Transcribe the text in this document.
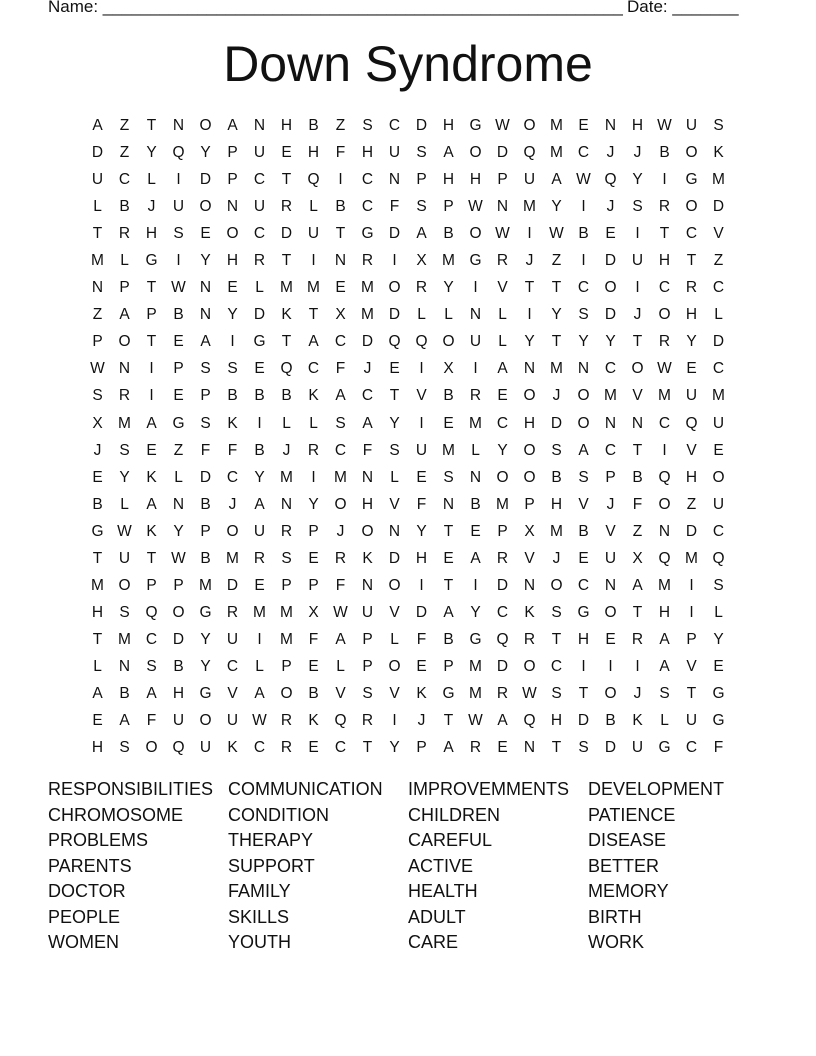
Name: _______________________________________________________ Date: _______
Down Syndrome
A	Z	T	N O	A	N	H	B	Z	S	C	D	H G W O M E	N	H W U	S
D	Z	Y	Q	Y	P	U	E	H	F	H	U	S	A	O D Q M C	J	J	B	O	K
U	C	L	I	D	P	C	T	Q	I	C	N	P	H	H	P	U	A W Q	Y	I	G M
L	B	J	U O N	U	R	L	B	C	F	S	P W N M Y	I	J	S	R O D
T	R	H	S	E	O C	D	U	T	G D	A	B	O W	I	W B	E	I	T	C	V
M	L	G	I	Y	H	R	T	I	N	R	I	X M G R	J	Z	I	D	U	H	T	Z
N	P	T W N	E	L	M M E M O R	Y	I	V	T	T	C O	I	C	R	C
Z	A	P	B	N	Y	D	K	T	X M D	L	L	N	L	I	Y	S	D	J	O H	L
P	O	T	E	A	I	G	T	A	C	D Q Q O U	L	Y	T	Y	Y	T	R	Y	D
W N	I	P	S	S	E	Q C	F	J	E	I	X	I	A	N M N	C O W E	C
S	R	I	E	P	B	B	B	K	A	C	T	V	B	R	E	O	J	O M V M U M
X M A	G	S	K	I	L	L	S	A	Y	I	E M C	H	D O N	N	C Q U
J	S	E	Z	F	F	B	J	R	C	F	S	U M	L	Y	O	S	A	C	T	I	V	E
E	Y	K	L	D	C	Y M	I	M N	L	E	S	N O O	B	S	P	B	Q H O
B	L	A	N	B	J	A	N	Y	O H	V	F	N	B M P	H	V	J	F	O	Z	U
G W K	Y	P	O U	R	P	J	O N	Y	T	E	P	X M B	V	Z	N	D	C
T	U	T W B M R	S	E	R	K	D	H	E	A	R	V	J	E	U	X	Q M Q
M O	P	P M D	E	P	P	F	N O	I	T	I	D	N O C	N	A M	I	S
H	S	Q O G R M M X W U	V	D	A	Y	C	K	S	G O	T	H	I	L
T	M C	D	Y	U	I	M	F	A	P	L	F	B	G Q R	T	H	E	R	A	P	Y
L	N	S	B	Y	C	L	P	E	L	P	O	E	P M D O C	I	I	I	A	V	E
A	B	A	H G	V	A	O	B	V	S	V	K	G M R W S	T	O	J	S	T	G
E	A	F	U O U W R	K	Q R	I	J	T W A	Q H	D	B	K	L	U G
H	S	O Q U	K	C	R	E	C	T	Y	P	A	R	E	N	T	S	D	U G C	F
RESPONSIBILITIES COMMUNICATION	IMPROVEMMENTS	DEVELOPMENT
CHROMOSOME	CONDITION	CHILDREN	PATIENCE
PROBLEMS	THERAPY	CAREFUL	DISEASE
PARENTS	SUPPORT	ACTIVE	BETTER
DOCTOR	FAMILY	HEALTH	MEMORY
PEOPLE	SKILLS	ADULT	BIRTH
WOMEN	YOUTH	CARE	WORK
